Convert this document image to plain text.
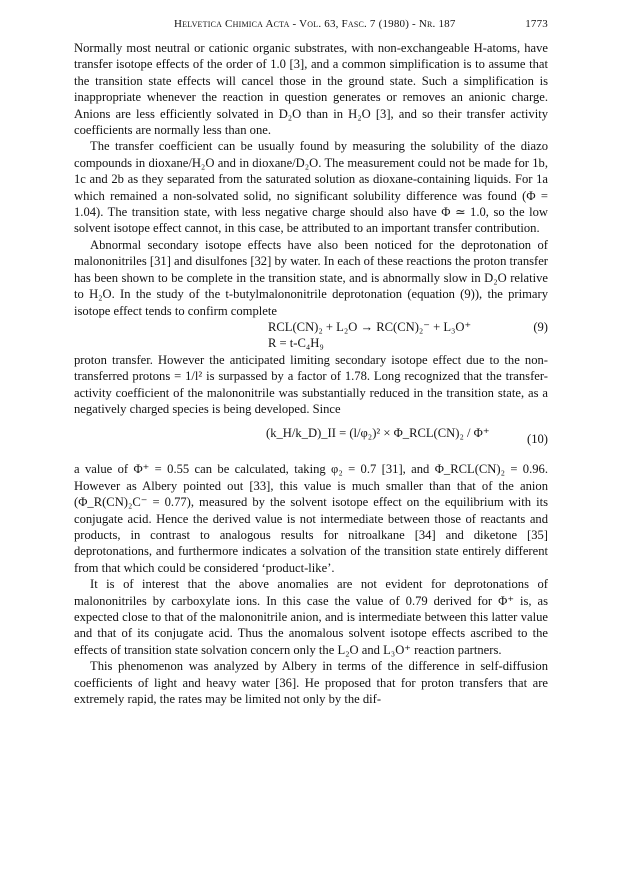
Helvetica Chimica Acta - Vol. 63, Fasc. 7 (1980) - Nr. 187	1773

Normally most neutral or cationic organic substrates, with non-exchangeable H-atoms, have transfer isotope effects of the order of 1.0 [3], and a common simplification is to assume that the transition state effects will cancel those in the ground state. Such a simplification is inappropriate whenever the reaction in question generates or removes an anionic charge. Anions are less efficiently solvated in D₂O than in H₂O [3], and so their transfer activity coefficients are normally less than one.

The transfer coefficient can be usually found by measuring the solubility of the diazo compounds in dioxane/H₂O and in dioxane/D₂O. The measurement could not be made for 1b, 1c and 2b as they separated from the saturated solution as dioxane-containing liquids. For 1a which remained a non-solvated solid, no significant solubility difference was found (Φ = 1.04). The transition state, with less negative charge should also have Φ ≃ 1.0, so the low solvent isotope effect cannot, in this case, be attributed to an important transfer contribution.

Abnormal secondary isotope effects have also been noticed for the deprotonation of malononitriles [31] and disulfones [32] by water. In each of these reactions the proton transfer has been shown to be complete in the transition state, and is abnormally slow in D₂O relative to H₂O. In the study of the t-butylmalononitrile deprotonation (equation (9)), the primary isotope effect tends to confirm complete

RCL(CN)₂ + L₂O → RC(CN)₂⁻ + L₃O⁺	(9)
R = t-C₄H₉

proton transfer. However the anticipated limiting secondary isotope effect due to the non-transferred protons = 1/l² is surpassed by a factor of 1.78. Long recognized that the transfer-activity coefficient of the malononitrile was substantially reduced in the transition state, as a negatively charged species is being developed. Since

(k_H/k_D)_II = (l/φ₂)² × Φ_RCL(CN)₂ / Φ⁺	(10)

a value of Φ⁺ = 0.55 can be calculated, taking φ₂ = 0.7 [31], and Φ_RCL(CN)₂ = 0.96. However as Albery pointed out [33], this value is much smaller than that of the anion (Φ_R(CN)₂C⁻ = 0.77), measured by the solvent isotope effect on the equilibrium with its conjugate acid. Hence the derived value is not intermediate between those of reactants and products, in contrast to analogous results for nitroalkane [34] and diketone [35] deprotonations, and furthermore indicates a solvation of the transition state entirely different from that which could be considered ‘product-like’.

It is of interest that the above anomalies are not evident for deprotonations of malononitriles by carboxylate ions. In this case the value of 0.79 derived for Φ⁺ is, as expected close to that of the malononitrile anion, and is intermediate between this latter value and that of its conjugate acid. Thus the anomalous solvent isotope effects ascribed to the effects of transition state solvation concern only the L₂O and L₃O⁺ reaction partners.

This phenomenon was analyzed by Albery in terms of the difference in self-diffusion coefficients of light and heavy water [36]. He proposed that for proton transfers that are extremely rapid, the rates may be limited not only by the dif-
